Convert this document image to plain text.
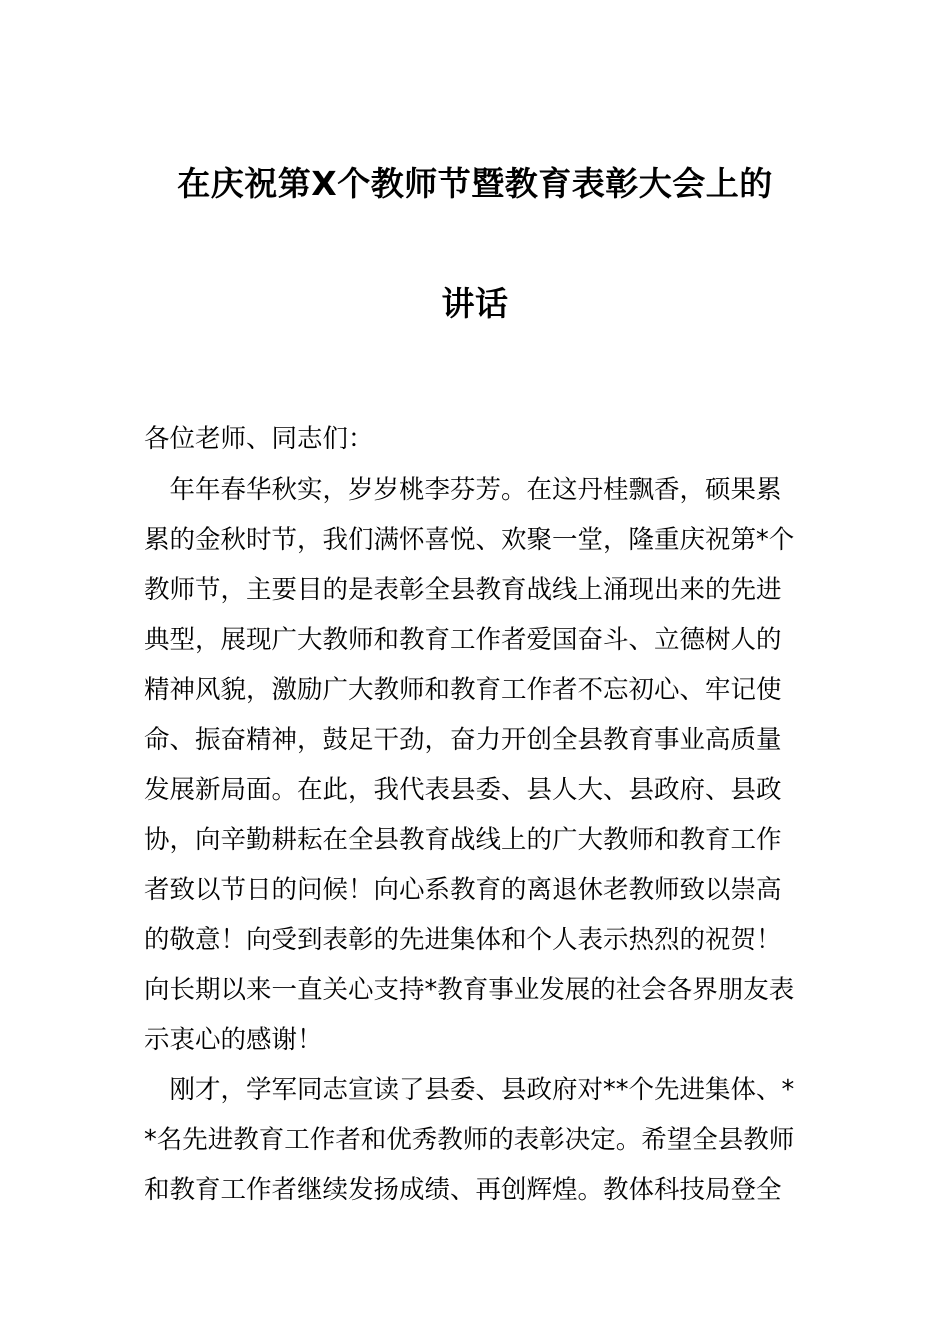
在庆祝第X个教师节暨教育表彰大会上的
讲话
各位老师、同志们：
　年年春华秋实，岁岁桃李芬芳。在这丹桂飘香，硕果累
累的金秋时节，我们满怀喜悦、欢聚一堂，隆重庆祝第*个
教师节，主要目的是表彰全县教育战线上涌现出来的先进
典型，展现广大教师和教育工作者爱国奋斗、立德树人的
精神风貌，激励广大教师和教育工作者不忘初心、牢记使
命、振奋精神，鼓足干劲，奋力开创全县教育事业高质量
发展新局面。在此，我代表县委、县人大、县政府、县政
协，向辛勤耕耘在全县教育战线上的广大教师和教育工作
者致以节日的问候！向心系教育的离退休老教师致以崇高
的敬意！向受到表彰的先进集体和个人表示热烈的祝贺！
向长期以来一直关心支持*教育事业发展的社会各界朋友表
示衷心的感谢！
　刚才，学军同志宣读了县委、县政府对**个先进集体、*
*名先进教育工作者和优秀教师的表彰决定。希望全县教师
和教育工作者继续发扬成绩、再创辉煌。教体科技局登全
